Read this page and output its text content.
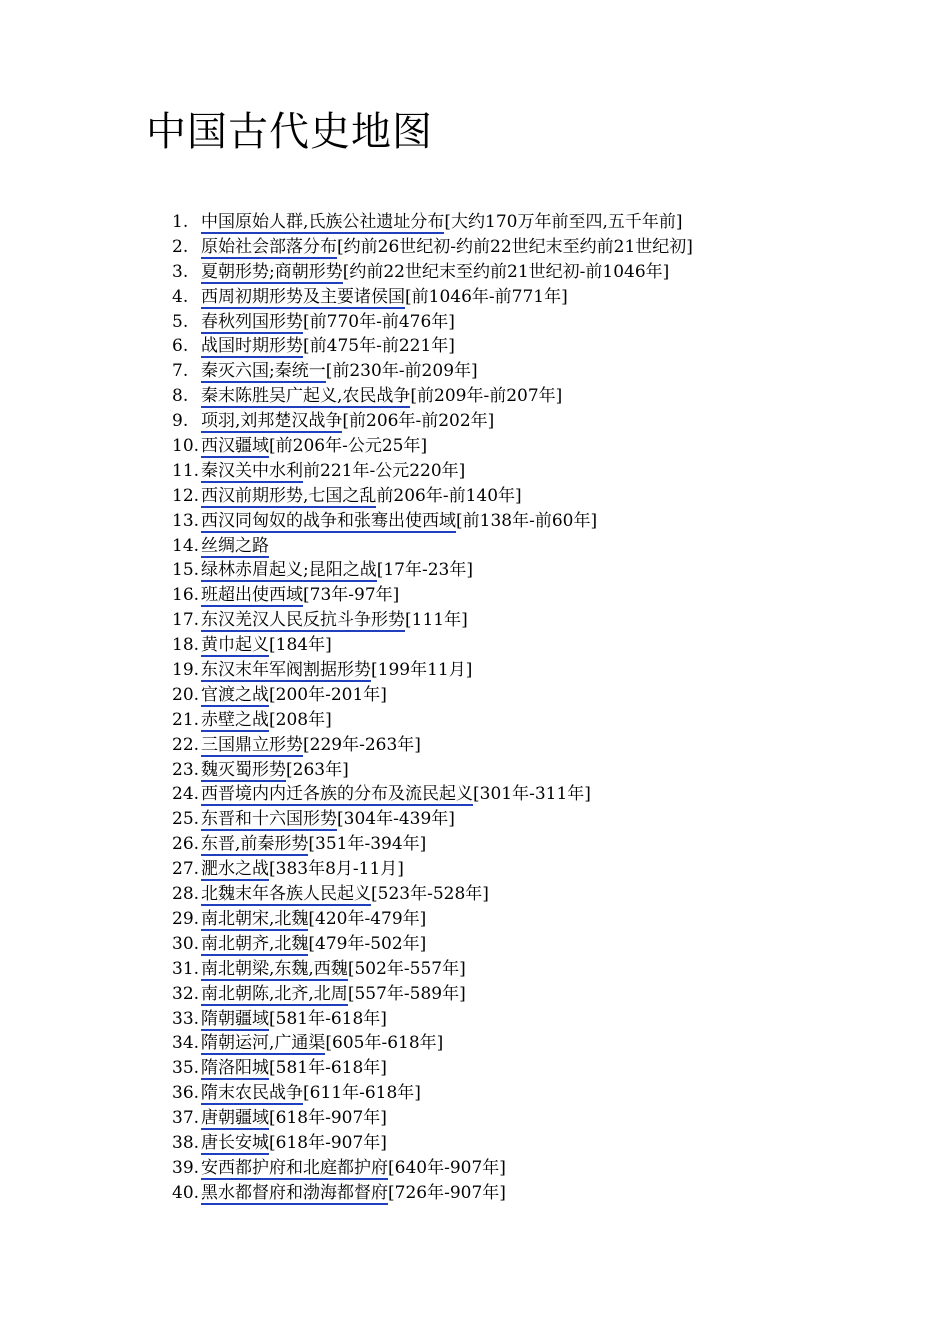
中国古代史地图
1. 中国原始人群,氏族公社遗址分布[大约170万年前至四,五千年前]
2. 原始社会部落分布[约前26世纪初-约前22世纪末至约前21世纪初]
3. 夏朝形势;商朝形势[约前22世纪末至约前21世纪初-前1046年]
4. 西周初期形势及主要诸侯国[前1046年-前771年]
5. 春秋列国形势[前770年-前476年]
6. 战国时期形势[前475年-前221年]
7. 秦灭六国;秦统一[前230年-前209年]
8. 秦末陈胜吴广起义,农民战争[前209年-前207年]
9. 项羽,刘邦楚汉战争[前206年-前202年]
10. 西汉疆域[前206年-公元25年]
11. 秦汉关中水利前221年-公元220年]
12. 西汉前期形势,七国之乱前206年-前140年]
13. 西汉同匈奴的战争和张骞出使西域[前138年-前60年]
14. 丝绸之路
15. 绿林赤眉起义;昆阳之战[17年-23年]
16. 班超出使西域[73年-97年]
17. 东汉羌汉人民反抗斗争形势[111年]
18. 黄巾起义[184年]
19. 东汉末年军阀割据形势[199年11月]
20. 官渡之战[200年-201年]
21. 赤壁之战[208年]
22. 三国鼎立形势[229年-263年]
23. 魏灭蜀形势[263年]
24. 西晋境内内迁各族的分布及流民起义[301年-311年]
25. 东晋和十六国形势[304年-439年]
26. 东晋,前秦形势[351年-394年]
27. 淝水之战[383年8月-11月]
28. 北魏末年各族人民起义[523年-528年]
29. 南北朝宋,北魏[420年-479年]
30. 南北朝齐,北魏[479年-502年]
31. 南北朝梁,东魏,西魏[502年-557年]
32. 南北朝陈,北齐,北周[557年-589年]
33. 隋朝疆域[581年-618年]
34. 隋朝运河,广通渠[605年-618年]
35. 隋洛阳城[581年-618年]
36. 隋末农民战争[611年-618年]
37. 唐朝疆域[618年-907年]
38. 唐长安城[618年-907年]
39. 安西都护府和北庭都护府[640年-907年]
40. 黑水都督府和渤海都督府[726年-907年]
